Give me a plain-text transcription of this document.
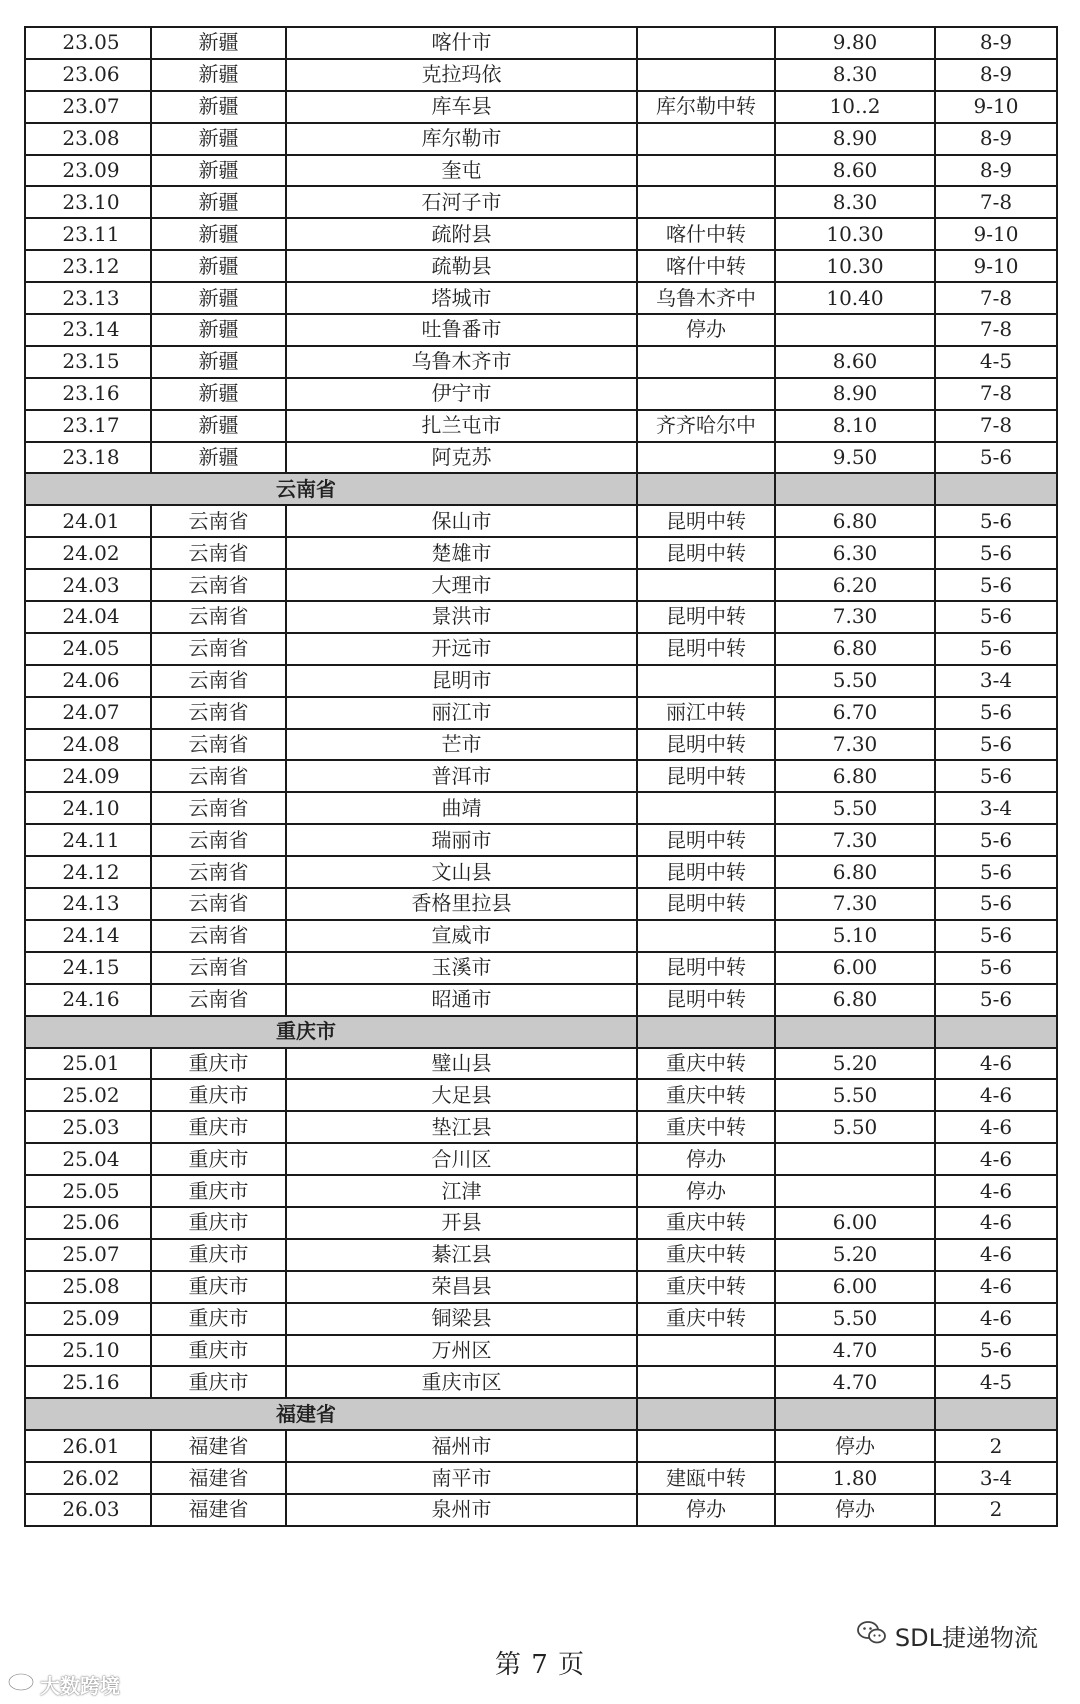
23.05	新疆	喀什市		9.80	8-9
23.06	新疆	克拉玛依		8.30	8-9
23.07	新疆	库车县	库尔勒中转	10..2	9-10
23.08	新疆	库尔勒市		8.90	8-9
23.09	新疆	奎屯		8.60	8-9
23.10	新疆	石河子市		8.30	7-8
23.11	新疆	疏附县	喀什中转	10.30	9-10
23.12	新疆	疏勒县	喀什中转	10.30	9-10
23.13	新疆	塔城市	乌鲁木齐中	10.40	7-8
23.14	新疆	吐鲁番市	停办		7-8
23.15	新疆	乌鲁木齐市		8.60	4-5
23.16	新疆	伊宁市		8.90	7-8
23.17	新疆	扎兰屯市	齐齐哈尔中	8.10	7-8
23.18	新疆	阿克苏		9.50	5-6
云南省					
24.01	云南省	保山市	昆明中转	6.80	5-6
24.02	云南省	楚雄市	昆明中转	6.30	5-6
24.03	云南省	大理市		6.20	5-6
24.04	云南省	景洪市	昆明中转	7.30	5-6
24.05	云南省	开远市	昆明中转	6.80	5-6
24.06	云南省	昆明市		5.50	3-4
24.07	云南省	丽江市	丽江中转	6.70	5-6
24.08	云南省	芒市	昆明中转	7.30	5-6
24.09	云南省	普洱市	昆明中转	6.80	5-6
24.10	云南省	曲靖		5.50	3-4
24.11	云南省	瑞丽市	昆明中转	7.30	5-6
24.12	云南省	文山县	昆明中转	6.80	5-6
24.13	云南省	香格里拉县	昆明中转	7.30	5-6
24.14	云南省	宣威市		5.10	5-6
24.15	云南省	玉溪市	昆明中转	6.00	5-6
24.16	云南省	昭通市	昆明中转	6.80	5-6
重庆市					
25.01	重庆市	璧山县	重庆中转	5.20	4-6
25.02	重庆市	大足县	重庆中转	5.50	4-6
25.03	重庆市	垫江县	重庆中转	5.50	4-6
25.04	重庆市	合川区	停办		4-6
25.05	重庆市	江津	停办		4-6
25.06	重庆市	开县	重庆中转	6.00	4-6
25.07	重庆市	綦江县	重庆中转	5.20	4-6
25.08	重庆市	荣昌县	重庆中转	6.00	4-6
25.09	重庆市	铜梁县	重庆中转	5.50	4-6
25.10	重庆市	万州区		4.70	5-6
25.16	重庆市	重庆市区		4.70	4-5
福建省					
26.01	福建省	福州市		停办	2
26.02	福建省	南平市	建瓯中转	1.80	3-4
26.03	福建省	泉州市	停办	停办	2
第 7 页
SDL捷递物流
大数跨境
